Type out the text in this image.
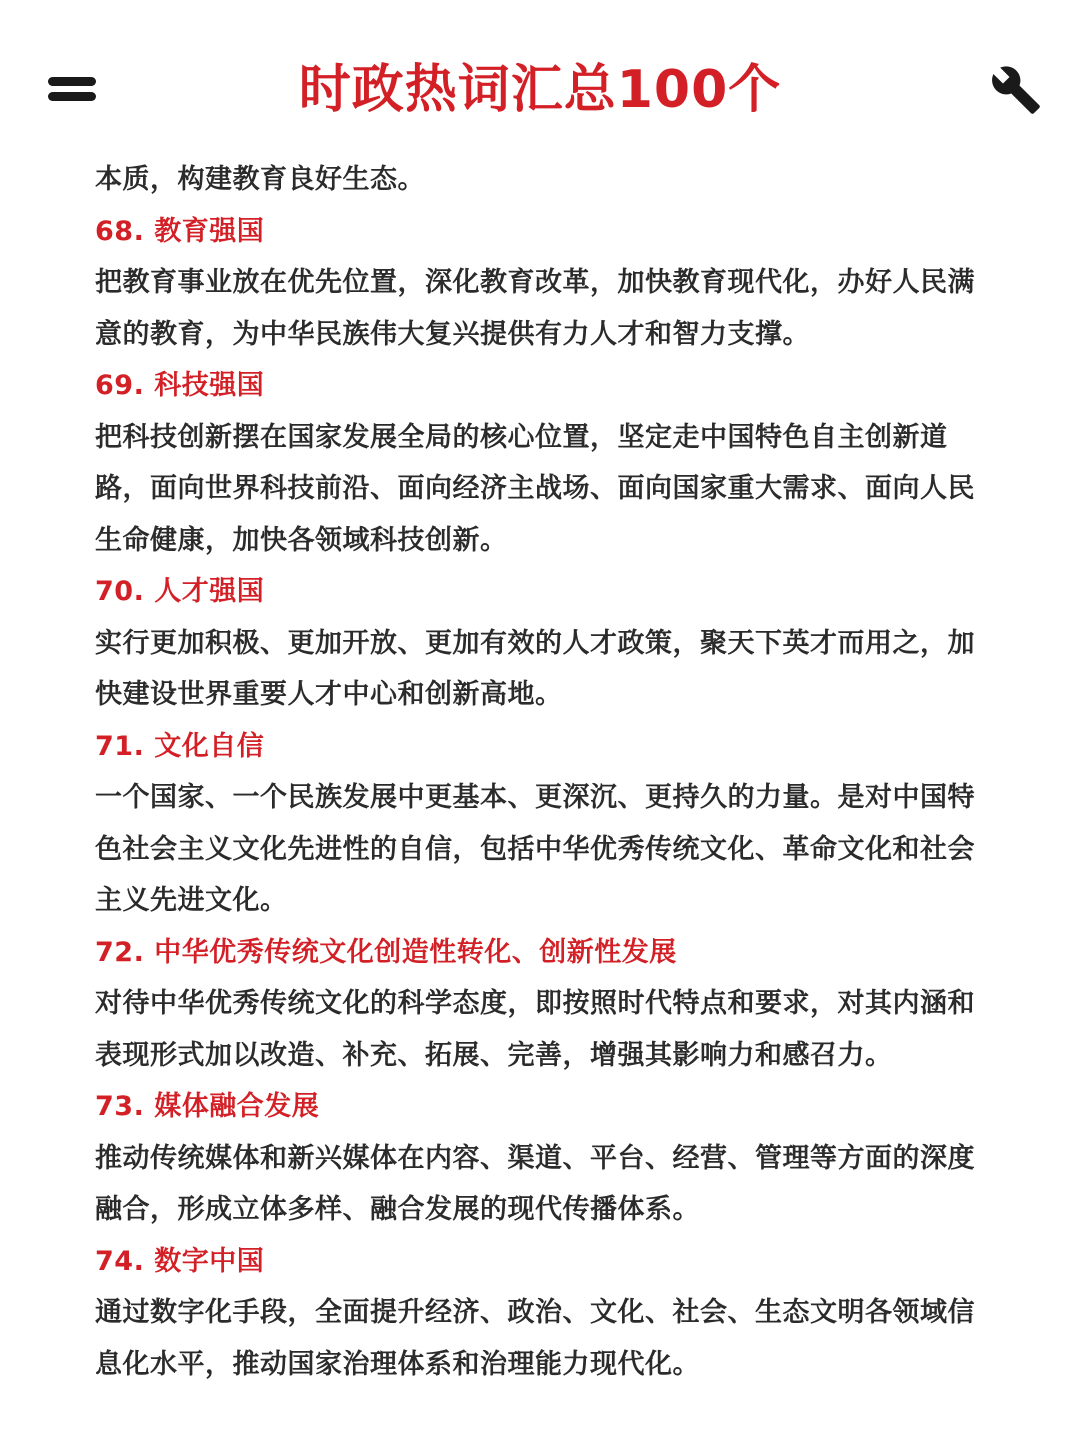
时政热词汇总100个
本质，构建教育良好生态。
68. 教育强国
把教育事业放在优先位置，深化教育改革，加快教育现代化，办好人民满
意的教育，为中华民族伟大复兴提供有力人才和智力支撑。
69. 科技强国
把科技创新摆在国家发展全局的核心位置，坚定走中国特色自主创新道
路，面向世界科技前沿、面向经济主战场、面向国家重大需求、面向人民
生命健康，加快各领域科技创新。
70. 人才强国
实行更加积极、更加开放、更加有效的人才政策，聚天下英才而用之，加
快建设世界重要人才中心和创新高地。
71. 文化自信
一个国家、一个民族发展中更基本、更深沉、更持久的力量。是对中国特
色社会主义文化先进性的自信，包括中华优秀传统文化、革命文化和社会
主义先进文化。
72. 中华优秀传统文化创造性转化、创新性发展
对待中华优秀传统文化的科学态度，即按照时代特点和要求，对其内涵和
表现形式加以改造、补充、拓展、完善，增强其影响力和感召力。
73. 媒体融合发展
推动传统媒体和新兴媒体在内容、渠道、平台、经营、管理等方面的深度
融合，形成立体多样、融合发展的现代传播体系。
74. 数字中国
通过数字化手段，全面提升经济、政治、文化、社会、生态文明各领域信
息化水平，推动国家治理体系和治理能力现代化。
